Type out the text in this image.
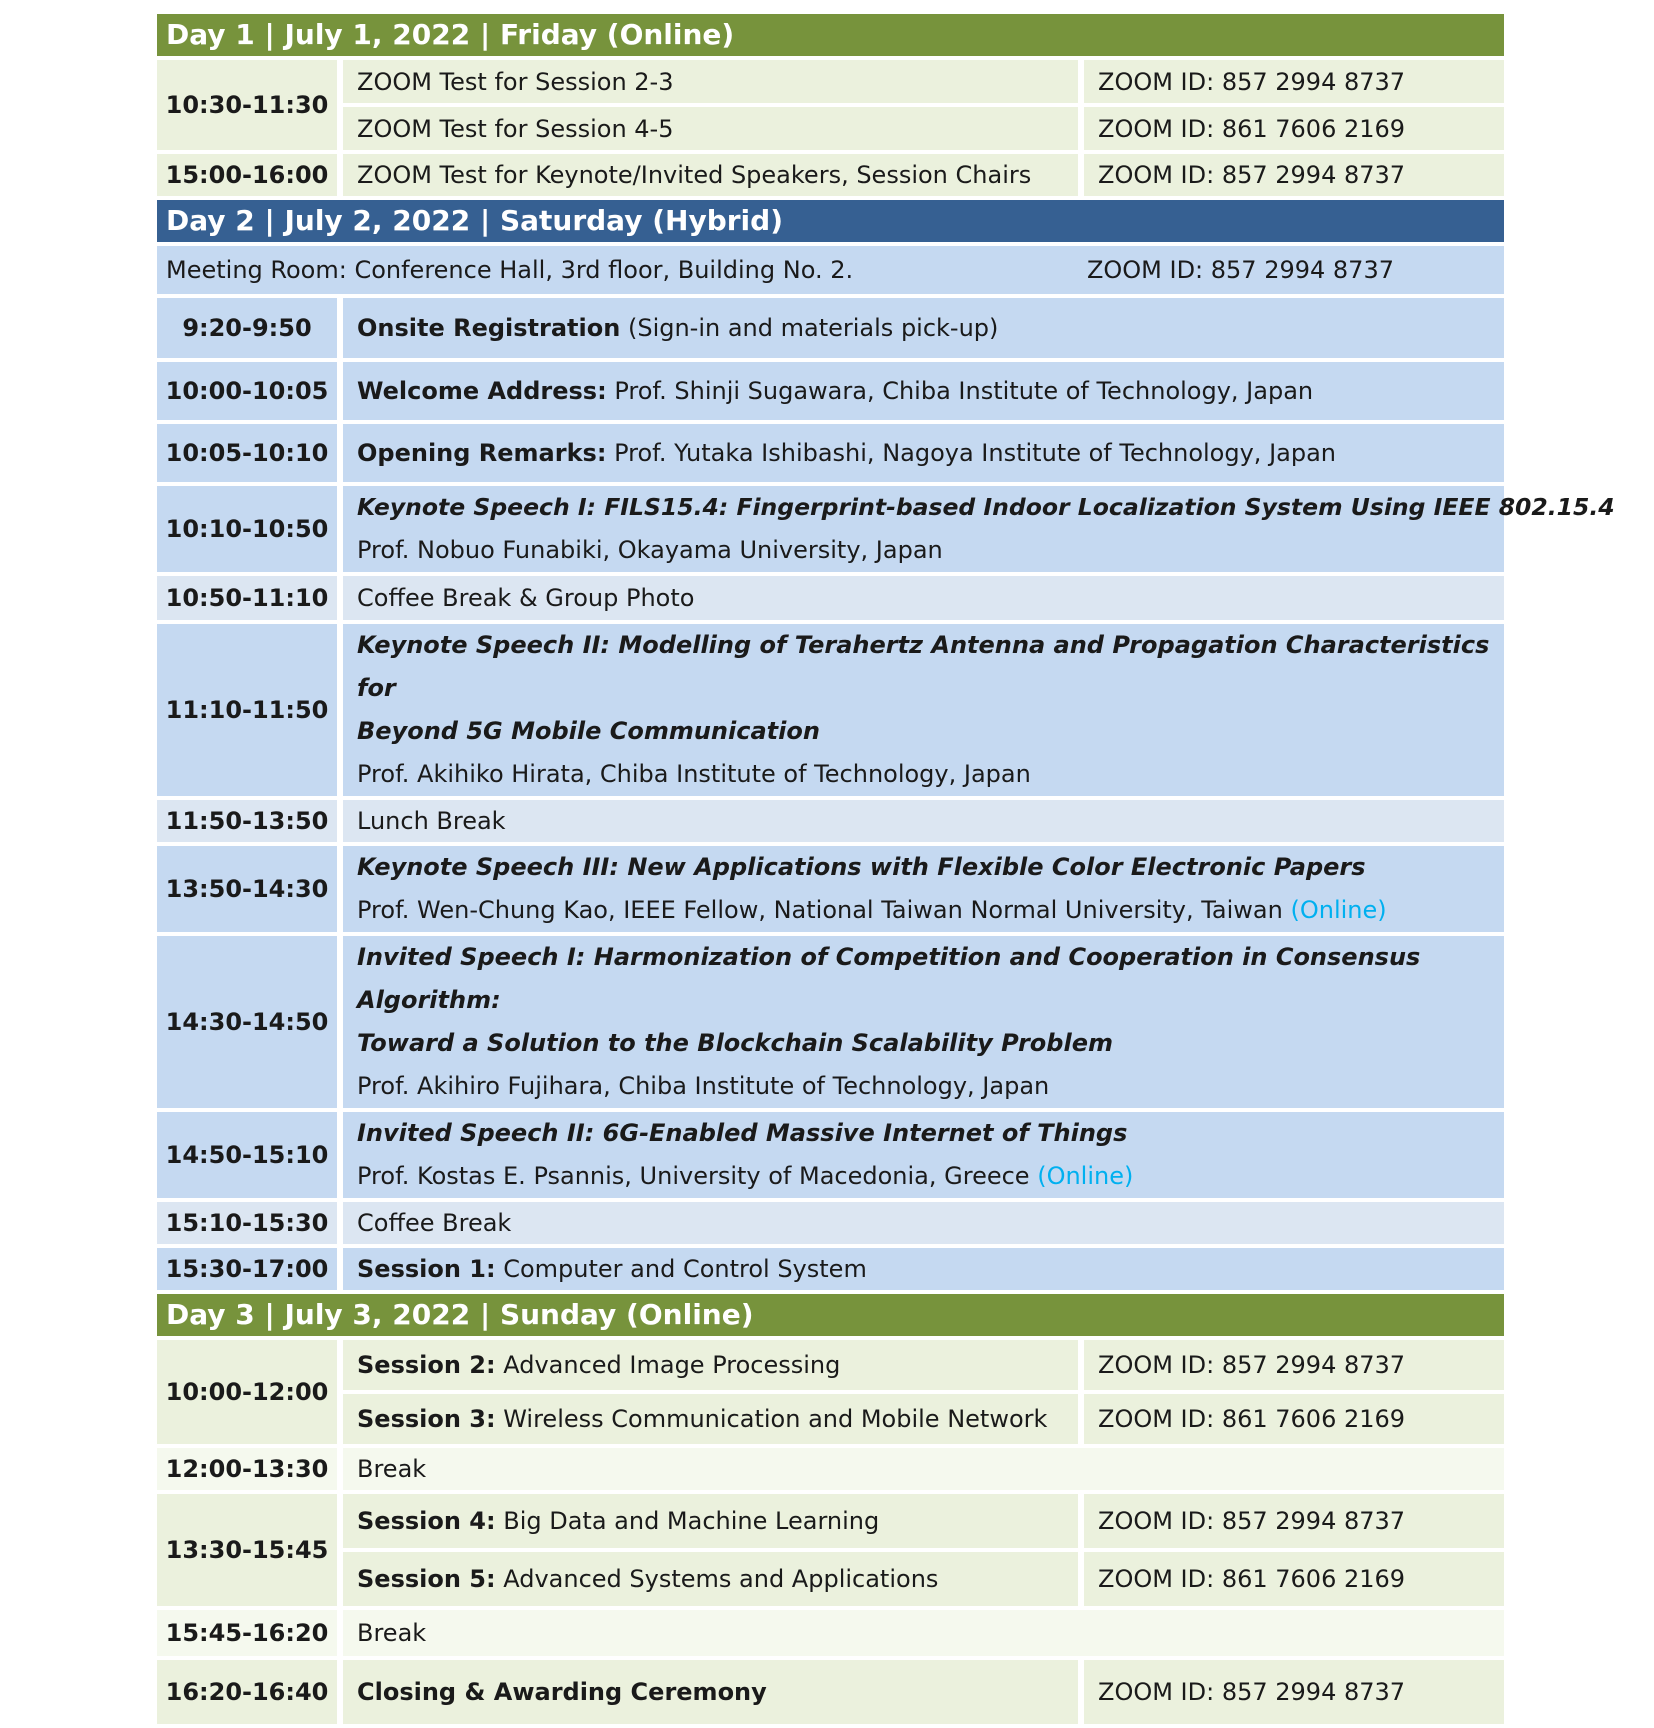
Day 1 | July 1, 2022 | Friday (Online)		
10:30-11:30	ZOOM Test for Session 2-3	ZOOM ID: 857 2994 8737
	ZOOM Test for Session 4-5	ZOOM ID: 861 7606 2169
15:00-16:00	ZOOM Test for Keynote/Invited Speakers, Session Chairs	ZOOM ID: 857 2994 8737
Day 2 | July 2, 2022 | Saturday (Hybrid)		

Meeting Room: Conference Hall, 3rd floor, Building No. 2. ZOOM ID: 857 2994 8737		

9:20-9:50	Onsite Registration (Sign-in and materials pick-up)	
10:00-10:05	Welcome Address: Prof. Shinji Sugawara, Chiba Institute of Technology, Japan	
10:05-10:10	Opening Remarks: Prof. Yutaka Ishibashi, Nagoya Institute of Technology, Japan	
10:10-10:50	Keynote Speech I: FILS15.4: Fingerprint-based Indoor Localization System Using IEEE 802.15.4
Prof. Nobuo Funabiki, Okayama University, Japan	

10:50-11:10	Coffee Break & Group Photo	
11:10-11:50	Keynote Speech II: Modelling of Terahertz Antenna and Propagation Characteristics for
Beyond 5G Mobile Communication
Prof. Akihiko Hirata, Chiba Institute of Technology, Japan	

11:50-13:50	Lunch Break	
13:50-14:30	Keynote Speech III: New Applications with Flexible Color Electronic Papers
Prof. Wen-Chung Kao, IEEE Fellow, National Taiwan Normal University, Taiwan (Online)	

14:30-14:50	Invited Speech I: Harmonization of Competition and Cooperation in Consensus Algorithm:
Toward a Solution to the Blockchain Scalability Problem
Prof. Akihiro Fujihara, Chiba Institute of Technology, Japan	

14:50-15:10	Invited Speech II: 6G-Enabled Massive Internet of Things
Prof. Kostas E. Psannis, University of Macedonia, Greece (Online)	

15:10-15:30	Coffee Break	
15:30-17:00	Session 1: Computer and Control System	
Day 3 | July 3, 2022 | Sunday (Online)		
10:00-12:00	Session 2: Advanced Image Processing	ZOOM ID: 857 2994 8737
	Session 3: Wireless Communication and Mobile Network	ZOOM ID: 861 7606 2169
12:00-13:30	Break	
13:30-15:45	Session 4: Big Data and Machine Learning	ZOOM ID: 857 2994 8737
	Session 5: Advanced Systems and Applications	ZOOM ID: 861 7606 2169
15:45-16:20	Break	
16:20-16:40	Closing & Awarding Ceremony	ZOOM ID: 857 2994 8737
